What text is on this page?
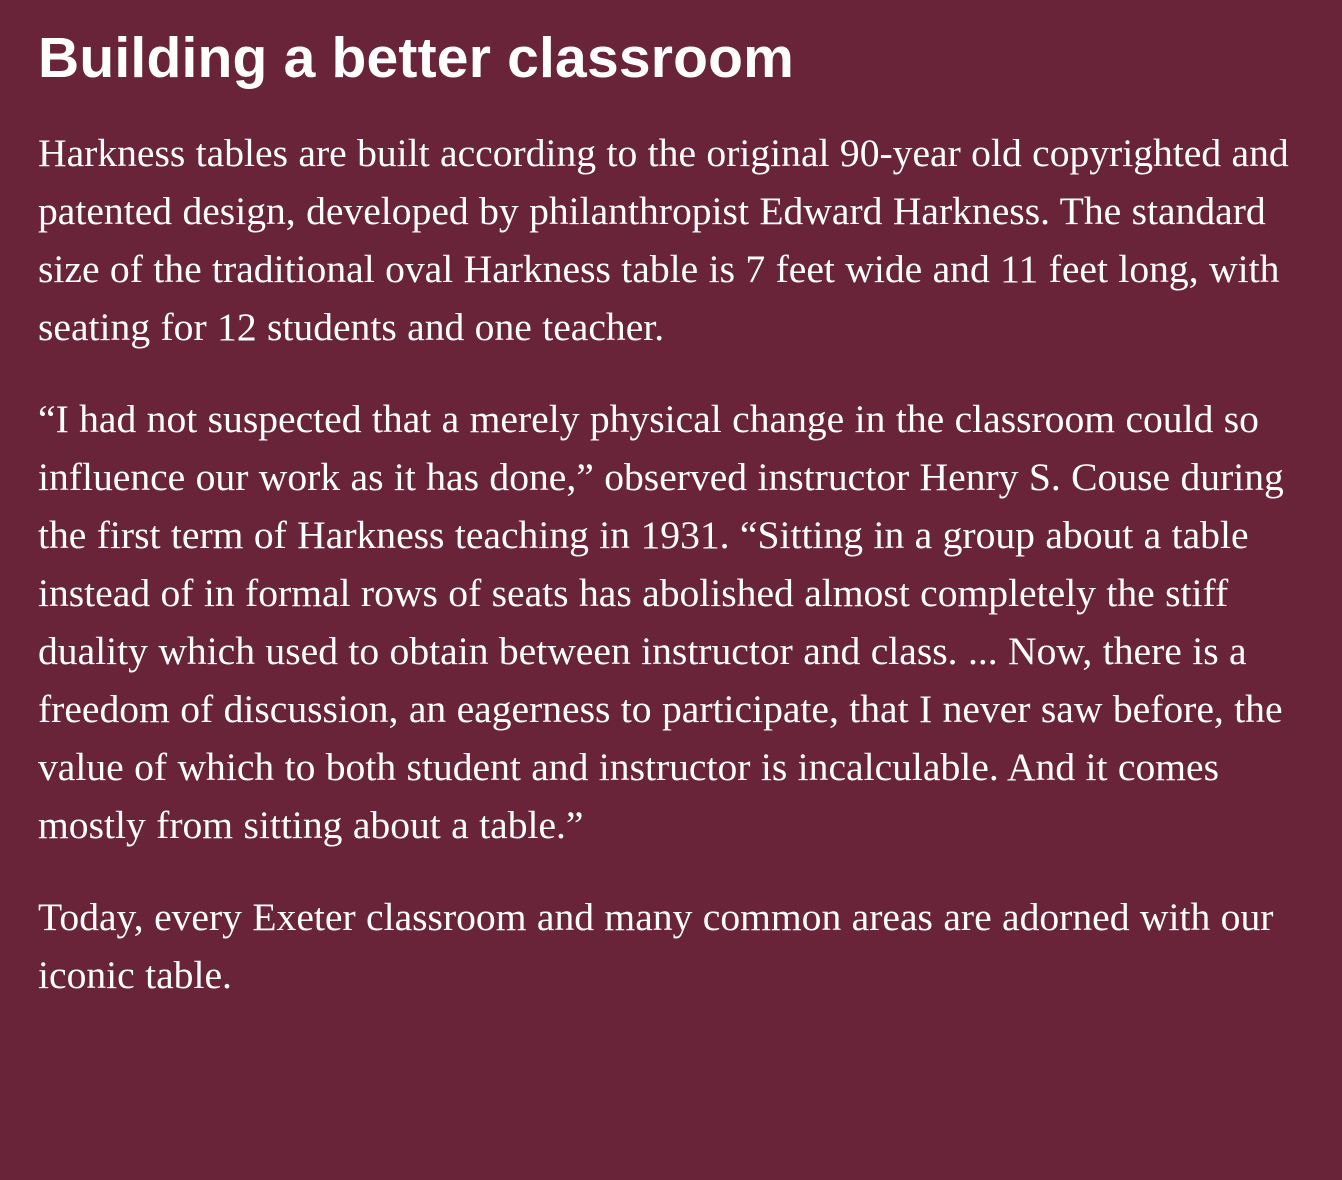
Building a better classroom

Harkness tables are built according to the original 90-year old copyrighted and patented design, developed by philanthropist Edward Harkness. The standard size of the traditional oval Harkness table is 7 feet wide and 11 feet long, with seating for 12 students and one teacher.

“I had not suspected that a merely physical change in the classroom could so influence our work as it has done,” observed instructor Henry S. Couse during the first term of Harkness teaching in 1931. “Sitting in a group about a table instead of in formal rows of seats has abolished almost completely the stiff duality which used to obtain between instructor and class. ... Now, there is a freedom of discussion, an eagerness to participate, that I never saw before, the value of which to both student and instructor is incalculable. And it comes mostly from sitting about a table.”

Today, every Exeter classroom and many common areas are adorned with our iconic table.
